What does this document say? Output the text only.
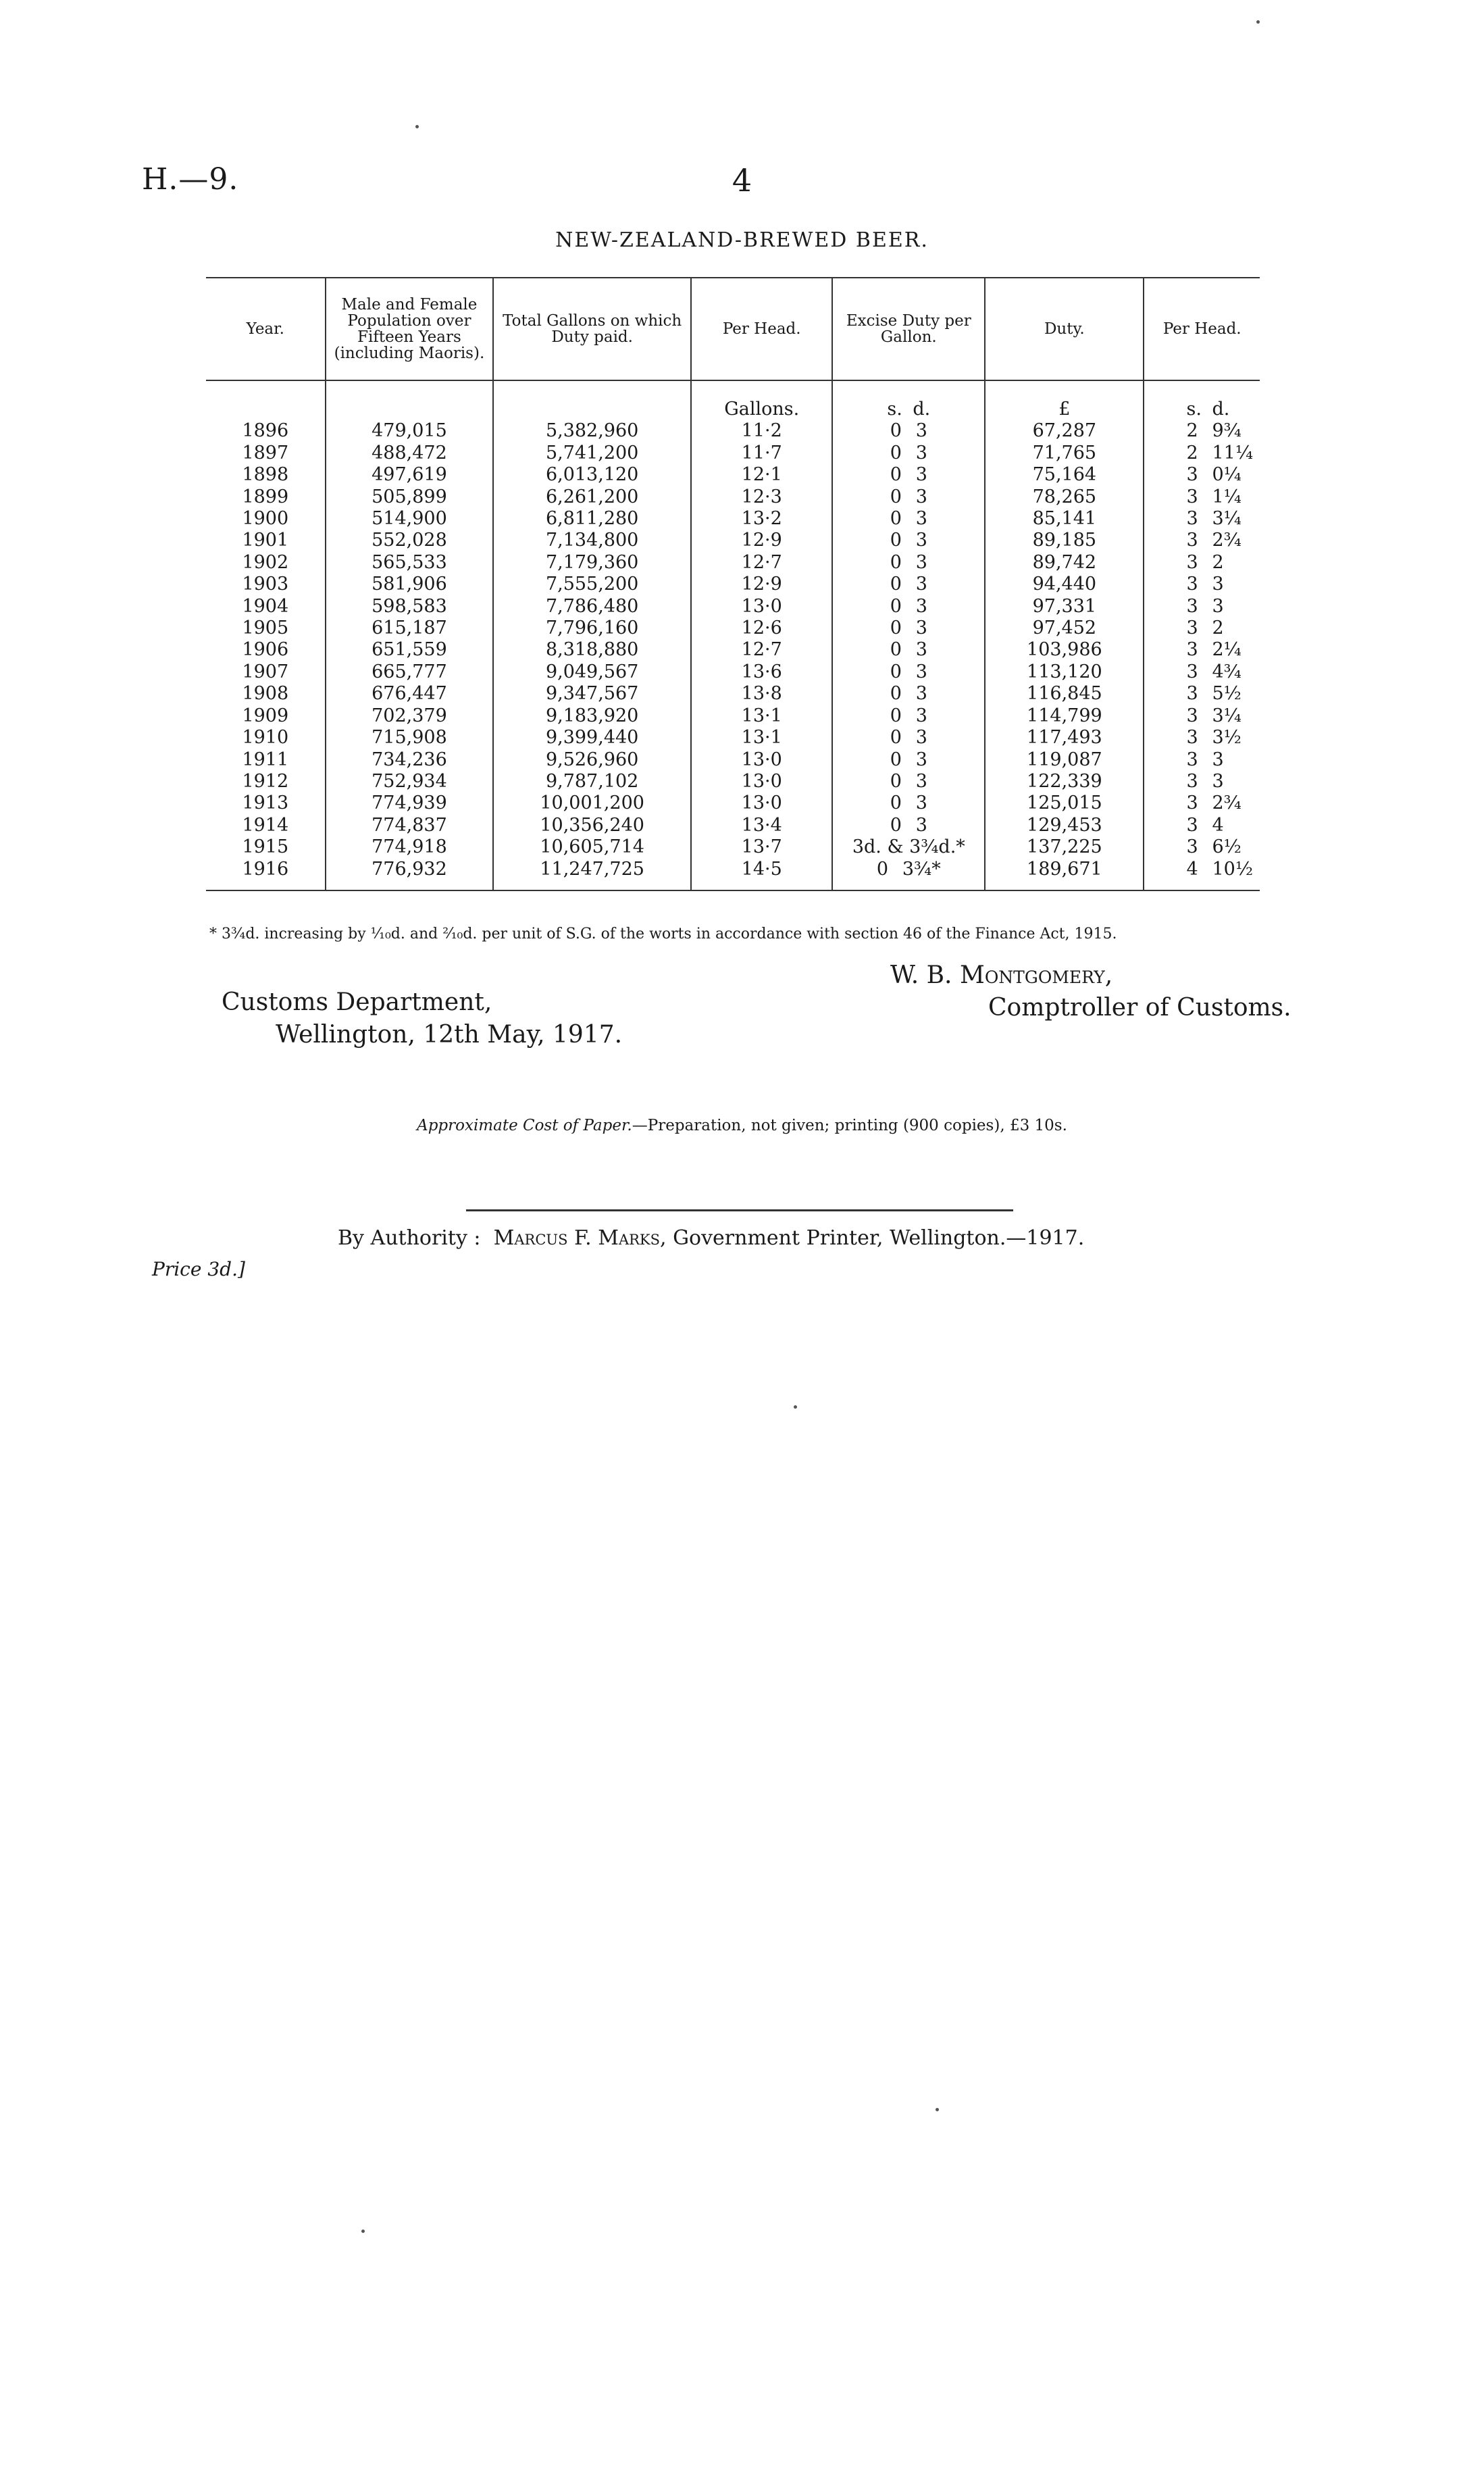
H.—9.	4
NEW-ZEALAND-BREWED BEER.
Year.	Male and Female Population over Fifteen Years (including Maoris).	Total Gallons on which Duty paid.	Per Head.	Excise Duty per Gallon.	Duty.	Per Head.
			Gallons.	s. d.	£	s. d.
1896	479,015	5,382,960	11·2	0 3	67,287	2 9¾
1897	488,472	5,741,200	11·7	0 3	71,765	2 11¼
1898	497,619	6,013,120	12·1	0 3	75,164	3 0¼
1899	505,899	6,261,200	12·3	0 3	78,265	3 1¼
1900	514,900	6,811,280	13·2	0 3	85,141	3 3¼
1901	552,028	7,134,800	12·9	0 3	89,185	3 2¾
1902	565,533	7,179,360	12·7	0 3	89,742	3 2
1903	581,906	7,555,200	12·9	0 3	94,440	3 3
1904	598,583	7,786,480	13·0	0 3	97,331	3 3
1905	615,187	7,796,160	12·6	0 3	97,452	3 2
1906	651,559	8,318,880	12·7	0 3	103,986	3 2¼
1907	665,777	9,049,567	13·6	0 3	113,120	3 4¾
1908	676,447	9,347,567	13·8	0 3	116,845	3 5½
1909	702,379	9,183,920	13·1	0 3	114,799	3 3¼
1910	715,908	9,399,440	13·1	0 3	117,493	3 3½
1911	734,236	9,526,960	13·0	0 3	119,087	3 3
1912	752,934	9,787,102	13·0	0 3	122,339	3 3
1913	774,939	10,001,200	13·0	0 3	125,015	3 2¾
1914	774,837	10,356,240	13·4	0 3	129,453	3 4
1915	774,918	10,605,714	13·7	3d. & 3¾d.*	137,225	3 6½
1916	776,932	11,247,725	14·5	0 3¾*	189,671	4 10½
* 3¾d. increasing by ¹⁄₁₀d. and ²⁄₁₀d. per unit of S.G. of the worts in accordance with section 46 of the Finance Act, 1915.
Customs Department,
Wellington, 12th May, 1917.
W. B. Montgomery,
Comptroller of Customs.
Approximate Cost of Paper.—Preparation, not given; printing (900 copies), £3 10s.
By Authority : Marcus F. Marks, Government Printer, Wellington.—1917.
Price 3d.]
